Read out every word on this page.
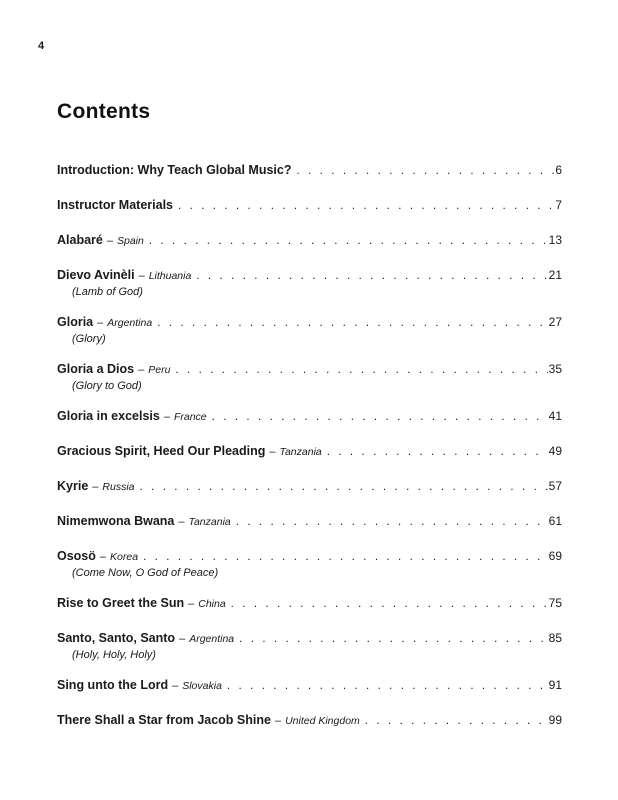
4
Contents
Introduction: Why Teach Global Music? . . .	6
Instructor Materials . . .	7
Alabaré – Spain . . .	13
Dievo Avinèli – Lithuania . . .	21
(Lamb of God)
Gloria – Argentina . . .	27
(Glory)
Gloria a Dios – Peru . . .	35
(Glory to God)
Gloria in excelsis – France . . .	41
Gracious Spirit, Heed Our Pleading – Tanzania . . .	49
Kyrie – Russia . . .	57
Nimemwona Bwana – Tanzania . . .	61
Ososö – Korea . . .	69
(Come Now, O God of Peace)
Rise to Greet the Sun – China . . .	75
Santo, Santo, Santo – Argentina . . .	85
(Holy, Holy, Holy)
Sing unto the Lord – Slovakia . . .	91
There Shall a Star from Jacob Shine – United Kingdom . . .	99
